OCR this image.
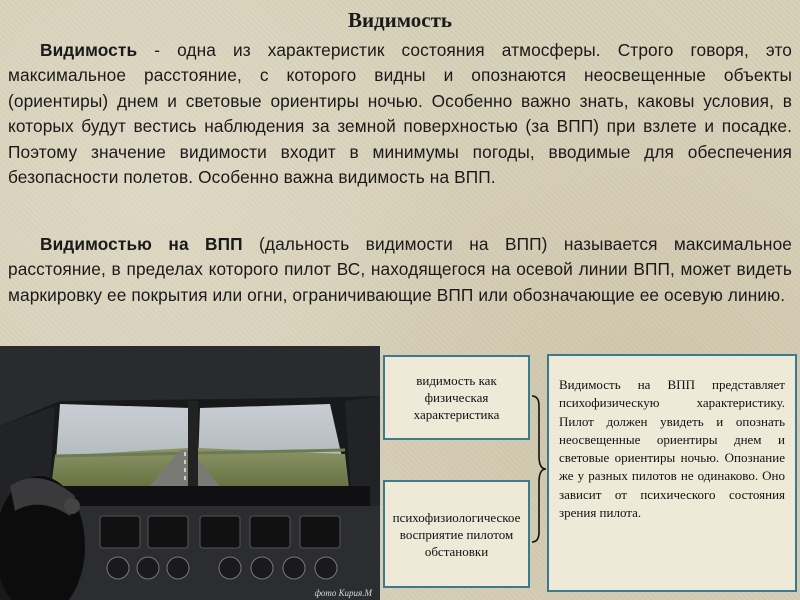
Видимость
Видимость - одна из характеристик состояния атмосферы. Строго говоря, это максимальное расстояние, с которого видны и опознаются неосвещенные объекты (ориентиры) днем и световые ориентиры ночью. Особенно важно знать, каковы условия, в которых будут вестись наблюдения за земной поверхностью (за ВПП) при взлете и посадке. Поэтому значение видимости входит в минимумы погоды, вводимые для обеспечения безопасности полетов. Особенно важна видимость на ВПП.
Видимостью на ВПП (дальность видимости на ВПП) называется максимальное расстояние, в пределах которого пилот ВС, находящегося на осевой линии ВПП, может видеть маркировку ее покрытия или огни, ограничивающие ВПП или обозначающие ее осевую линию.
фото Кирия.М
видимость как физическая характеристика
психофизиологическое восприятие пилотом обстановки
Видимость на ВПП представляет психофизическую характеристику. Пилот должен увидеть и опознать неосвещенные ориентиры днем и световые ориентиры ночью. Опознание же у разных пилотов не одинаково. Оно зависит от психического состояния зрения пилота.
